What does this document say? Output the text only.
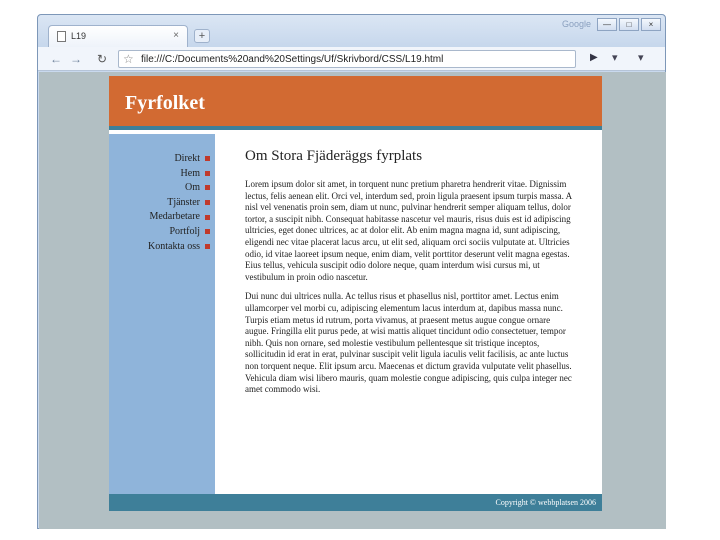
L19	×	+
Google	—	□	×
← → ↻ ☆ file:///C:/Documents%20and%20Settings/Uf/Skrivbord/CSS/L19.html	▶ ▾ ▾
Fyrfolket
Direkt
Hem
Om
Tjänster
Medarbetare
Portfolj
Kontakta oss
Om Stora Fjäderäggs fyrplats

Lorem ipsum dolor sit amet, in torquent nunc pretium pharetra hendrerit vitae. Dignissim lectus, felis aenean elit. Orci vel, interdum sed, proin ligula praesent ipsum turpis massa. A nisl vel venenatis proin sem, diam ut nunc, pulvinar hendrerit semper aliquam tellus, dolor tortor, a suscipit nibh. Consequat habitasse nascetur vel mauris, risus duis est id adipiscing ultricies, eget donec ultrices, ac at dolor elit. Ab enim magna magna id, sunt adipiscing, eligendi nec vitae placerat lacus arcu, ut elit sed, aliquam orci sociis vulputate at. Ultricies odio, id vitae laoreet ipsum neque, enim diam, velit porttitor deserunt velit magna egestas. Eius tellus, vehicula suscipit odio dolore neque, quam interdum wisi cursus mi, ut vestibulum in proin odio nascetur.

Dui nunc dui ultrices nulla. Ac tellus risus et phasellus nisl, porttitor amet. Lectus enim ullamcorper vel morbi cu, adipiscing elementum lacus interdum at, dapibus massa nunc. Turpis etiam metus id rutrum, porta vivamus, at praesent metus augue congue ornare augue. Fringilla elit purus pede, at wisi mattis aliquet tincidunt odio consectetuer, tempor nibh. Quis non ornare, sed molestie vestibulum pellentesque sit tristique inceptos, sollicitudin id erat in erat, pulvinar suscipit velit ligula iaculis velit facilisis, ac ante luctus non torquent neque. Elit ipsum arcu. Maecenas et dictum gravida vulputate velit phasellus. Vehicula diam wisi libero mauris, quam molestie congue adipiscing, quis culpa integer nec amet commodo wisi.

Copyright © webbplatsen 2006
